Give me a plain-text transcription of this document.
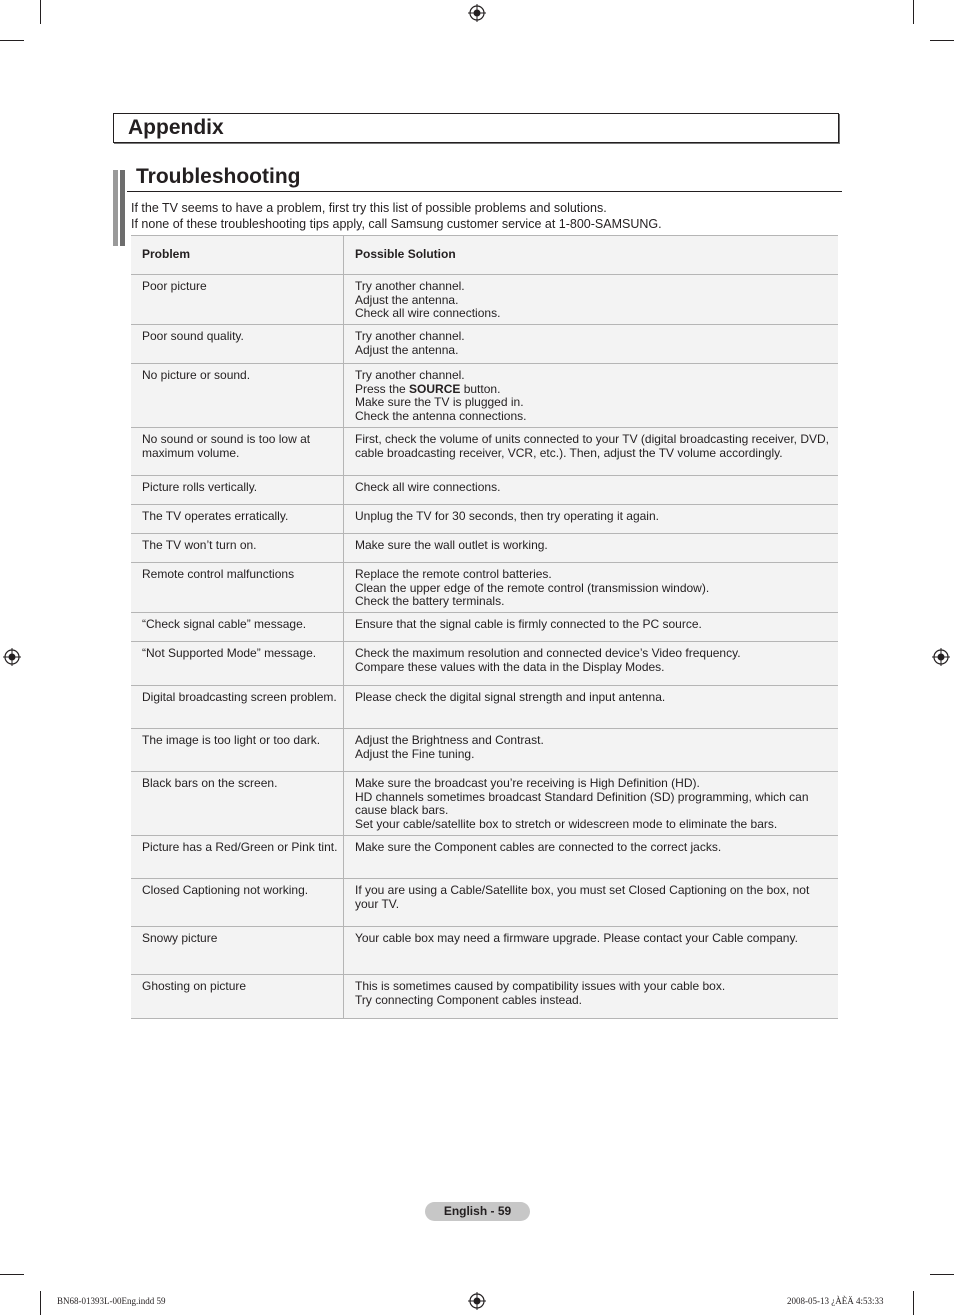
Appendix
Troubleshooting

If the TV seems to have a problem, first try this list of possible problems and solutions.

If none of these troubleshooting tips apply, call Samsung customer service at 1-800-SAMSUNG.

Problem	Possible Solution
Poor picture	Try another channel.
Adjust the antenna.
Check all wire connections.

Poor sound quality.	Try another channel.
Adjust the antenna.

No picture or sound.	Try another channel.
Press the SOURCE button.
Make sure the TV is plugged in.
Check the antenna connections.

No sound or sound is too low at maximum volume.	First, check the volume of units connected to your TV (digital broadcasting receiver, DVD, cable broadcasting receiver, VCR, etc.). Then, adjust the TV volume accordingly.

Picture rolls vertically.	Check all wire connections.

The TV operates erratically.	Unplug the TV for 30 seconds, then try operating it again.

The TV won’t turn on.	Make sure the wall outlet is working.

Remote control malfunctions	Replace the remote control batteries.
Clean the upper edge of the remote control (transmission window).
Check the battery terminals.

“Check signal cable” message.	Ensure that the signal cable is firmly connected to the PC source.

“Not Supported Mode” message.	Check the maximum resolution and connected device’s Video frequency.
Compare these values with the data in the Display Modes.

Digital broadcasting screen problem.	Please check the digital signal strength and input antenna.

The image is too light or too dark.	Adjust the Brightness and Contrast.
Adjust the Fine tuning.

Black bars on the screen.	Make sure the broadcast you’re receiving is High Definition (HD).
HD channels sometimes broadcast Standard Definition (SD) programming, which can cause black bars.
Set your cable/satellite box to stretch or widescreen mode to eliminate the bars.

Picture has a Red/Green or Pink tint.	Make sure the Component cables are connected to the correct jacks.

Closed Captioning not working.	If you are using a Cable/Satellite box, you must set Closed Captioning on the box, not your TV.

Snowy picture	Your cable box may need a firmware upgrade. Please contact your Cable company.

Ghosting on picture	This is sometimes caused by compatibility issues with your cable box.
Try connecting Component cables instead.
English - 59
BN68-01393L-00Eng.indd 59	2008-05-13 ¿ÀÈÄ 4:53:33
